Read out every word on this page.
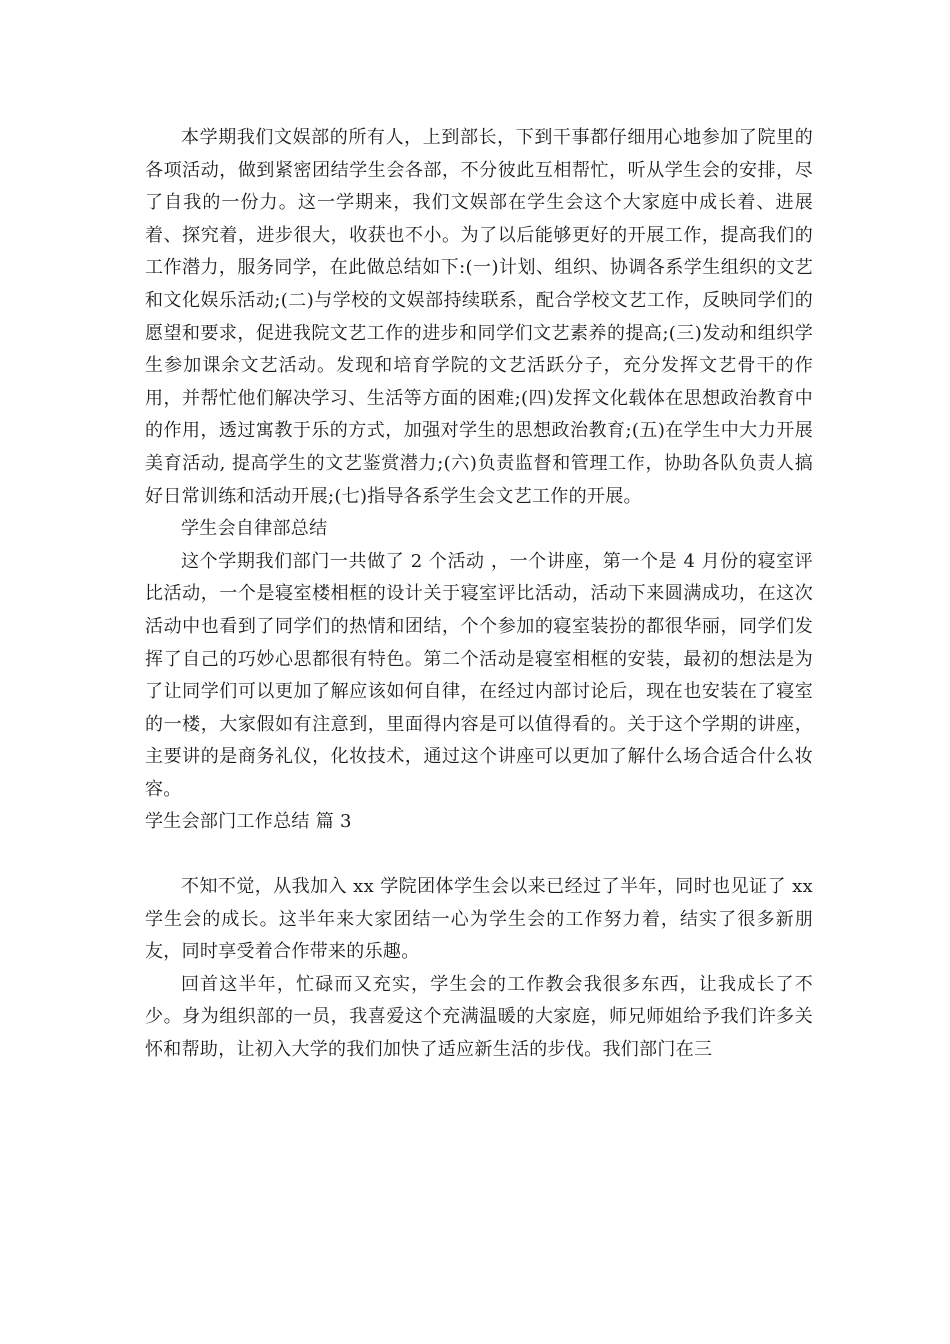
本学期我们文娱部的所有人，上到部长，下到干事都仔细用心地参加了院里的各项活动，做到紧密团结学生会各部，不分彼此互相帮忙，听从学生会的安排，尽了自我的一份力。这一学期来，我们文娱部在学生会这个大家庭中成长着、进展着、探究着，进步很大，收获也不小。为了以后能够更好的开展工作，提高我们的工作潜力，服务同学，在此做总结如下:(一)计划、组织、协调各系学生组织的文艺和文化娱乐活动;(二)与学校的文娱部持续联系，配合学校文艺工作，反映同学们的愿望和要求，促进我院文艺工作的进步和同学们文艺素养的提高;(三)发动和组织学生参加课余文艺活动。发现和培育学院的文艺活跃分子，充分发挥文艺骨干的作用，并帮忙他们解决学习、生活等方面的困难;(四)发挥文化载体在思想政治教育中的作用，透过寓教于乐的方式，加强对学生的思想政治教育;(五)在学生中大力开展美育活动, 提高学生的文艺鉴赏潜力;(六)负责监督和管理工作，协助各队负责人搞好日常训练和活动开展;(七)指导各系学生会文艺工作的开展。

学生会自律部总结

这个学期我们部门一共做了 2 个活动 ，一个讲座，第一个是 4 月份的寝室评比活动，一个是寝室楼相框的设计关于寝室评比活动，活动下来圆满成功，在这次活动中也看到了同学们的热情和团结，个个参加的寝室装扮的都很华丽，同学们发挥了自己的巧妙心思都很有特色。第二个活动是寝室相框的安装，最初的想法是为了让同学们可以更加了解应该如何自律，在经过内部讨论后，现在也安装在了寝室的一楼，大家假如有注意到，里面得内容是可以值得看的。关于这个学期的讲座，主要讲的是商务礼仪，化妆技术，通过这个讲座可以更加了解什么场合适合什么妆容。

学生会部门工作总结 篇 3

不知不觉，从我加入 xx 学院团体学生会以来已经过了半年，同时也见证了 xx 学生会的成长。这半年来大家团结一心为学生会的工作努力着，结实了很多新朋友，同时享受着合作带来的乐趣。

回首这半年，忙碌而又充实，学生会的工作教会我很多东西，让我成长了不少。身为组织部的一员，我喜爱这个充满温暖的大家庭，师兄师姐给予我们许多关怀和帮助，让初入大学的我们加快了适应新生活的步伐。我们部门在三
